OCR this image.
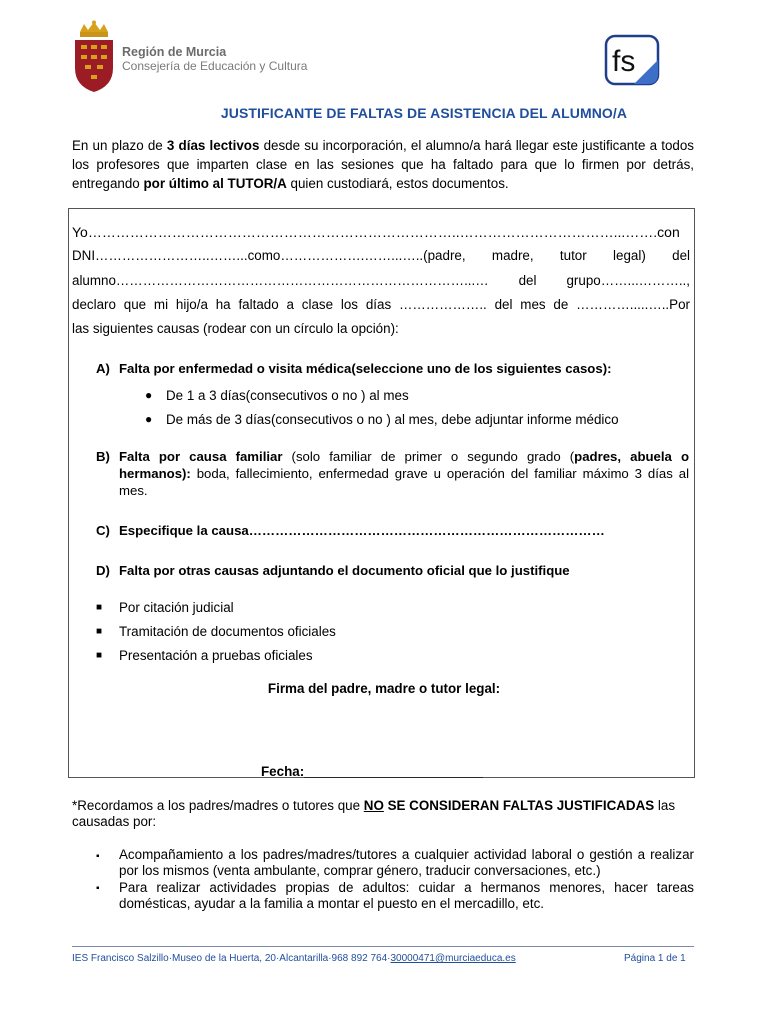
Región de Murcia
Consejería de Educación y Cultura	fs
JUSTIFICANTE DE FALTAS DE ASISTENCIA DEL ALUMNO/A
En un plazo de 3 días lectivos desde su incorporación, el alumno/a hará llegar este justificante a todos los profesores que imparten clase en las sesiones que ha faltado para que lo firmen por detrás, entregando por último al TUTOR/A quien custodiará, estos documentos.
Yo……………………………………………………………………..……………………………...…….con
DNI……………………..……...como……………….……...…..(padre, madre, tutor legal) del
alumno……………………………………………………………………...… del grupo……...………..,
declaro que mi hijo/a ha faltado a clase los días ……………….. del mes de ………….....…..Por
las siguientes causas (rodear con un círculo la opción):
A) Falta por enfermedad o visita médica(seleccione uno de los siguientes casos):
● De 1 a 3 días(consecutivos o no ) al mes
● De más de 3 días(consecutivos o no ) al mes, debe adjuntar informe médico
B) Falta por causa familiar (solo familiar de primer o segundo grado (padres, abuela o hermanos): boda, fallecimiento, enfermedad grave u operación del familiar máximo 3 días al mes.
C) Especifique la causa………………………………………………………………………
D) Falta por otras causas adjuntando el documento oficial que lo justifique
■ Por citación judicial
■ Tramitación de documentos oficiales
■ Presentación a pruebas oficiales
Firma del padre, madre o tutor legal:
Fecha:________________________
*Recordamos a los padres/madres o tutores que NO SE CONSIDERAN FALTAS JUSTIFICADAS las causadas por:
▪ Acompañamiento a los padres/madres/tutores a cualquier actividad laboral o gestión a realizar por los mismos (venta ambulante, comprar género, traducir conversaciones, etc.)
▪ Para realizar actividades propias de adultos: cuidar a hermanos menores, hacer tareas domésticas, ayudar a la familia a montar el puesto en el mercadillo, etc.
IES Francisco Salzillo·Museo de la Huerta, 20·Alcantarilla·968 892 764·30000471@murciaeduca.es	Página 1 de 1
